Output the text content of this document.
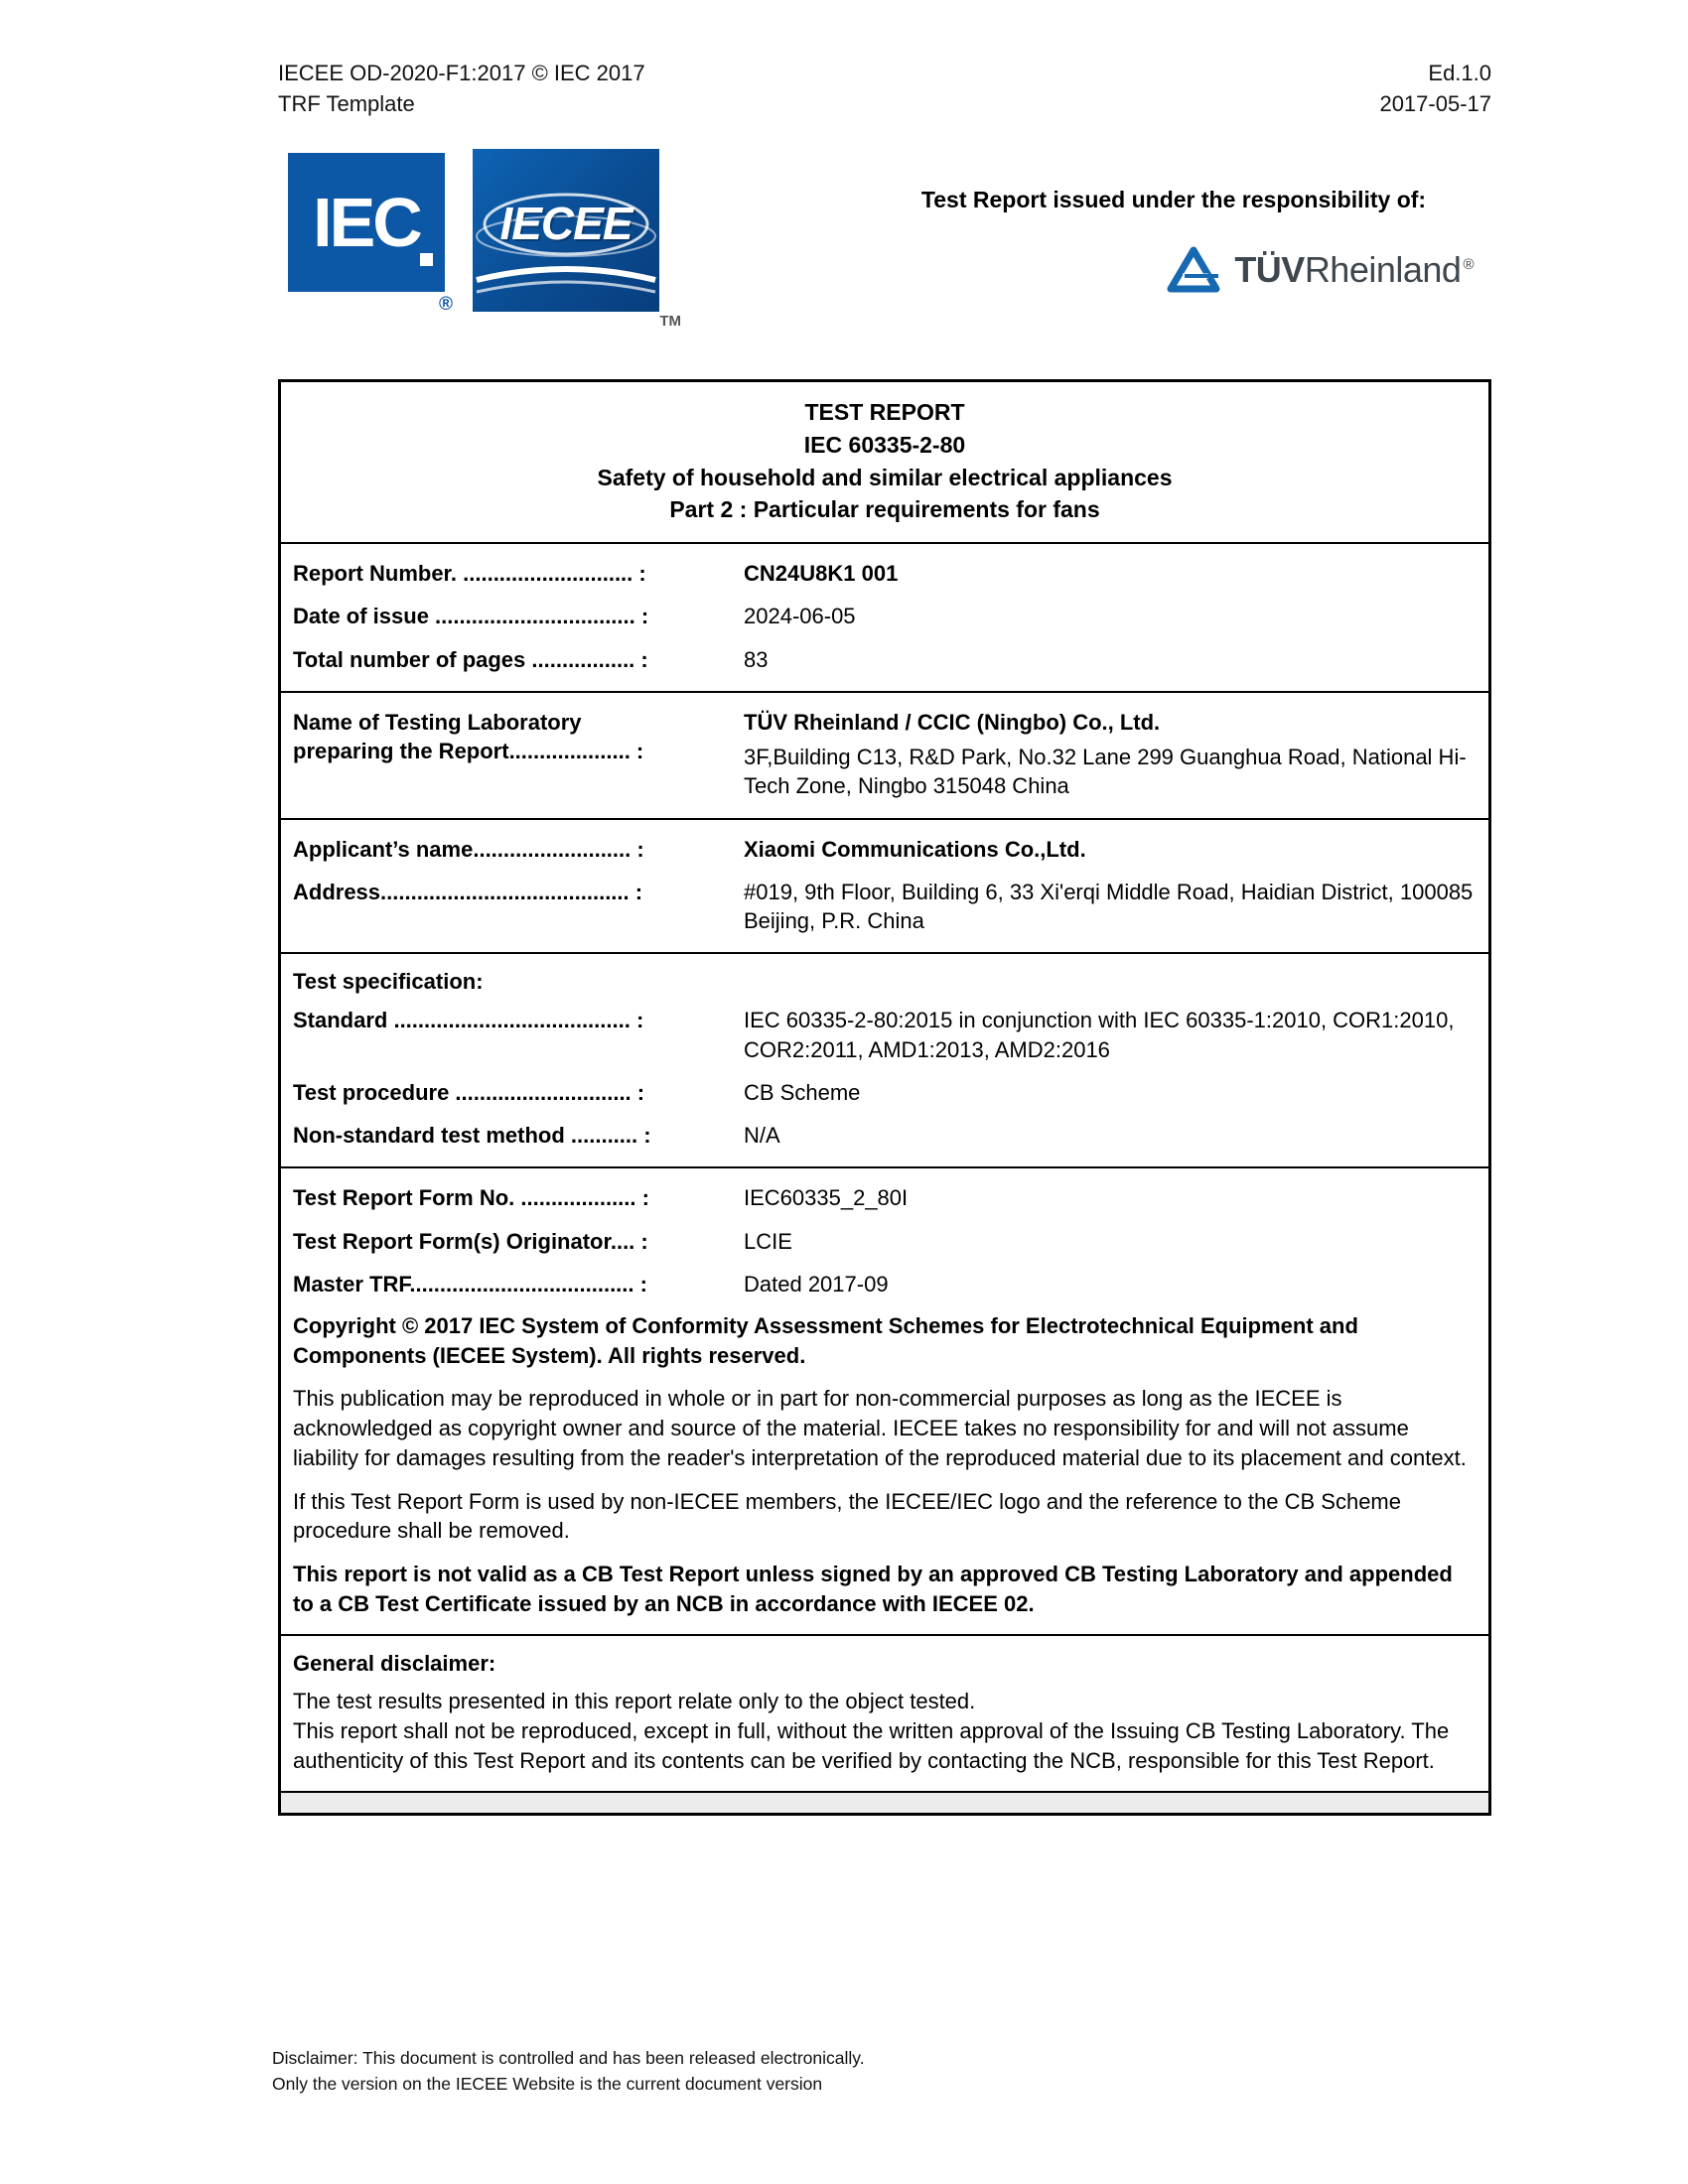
IECEE OD-2020-F1:2017 © IEC 2017
TRF Template
Ed.1.0
2017-05-17
IEC
®
IECEE
TM
Test Report issued under the responsibility of:
TÜVRheinland ®
TEST REPORT
IEC 60335-2-80
Safety of household and similar electrical appliances
Part 2 : Particular requirements for fans
Report Number. ............................ :	CN24U8K1 001
Date of issue ................................. :	2024-06-05
Total number of pages ................. :	83
Name of Testing Laboratory
preparing the Report.................... :
TÜV Rheinland / CCIC (Ningbo) Co., Ltd.
3F,Building C13, R&D Park, No.32 Lane 299 Guanghua Road, National Hi-Tech Zone, Ningbo 315048 China
Applicant’s name.......................... :	Xiaomi Communications Co.,Ltd.
Address......................................... :	#019, 9th Floor, Building 6, 33 Xi'erqi Middle Road, Haidian District, 100085 Beijing, P.R. China
Test specification:
Standard ....................................... :	IEC 60335-2-80:2015 in conjunction with IEC 60335-1:2010, COR1:2010, COR2:2011, AMD1:2013, AMD2:2016
Test procedure ............................. :	CB Scheme
Non-standard test method ........... :	N/A
Test Report Form No. ................... :	IEC60335_2_80I
Test Report Form(s) Originator.... :	LCIE
Master TRF..................................... :	Dated 2017-09
Copyright © 2017 IEC System of Conformity Assessment Schemes for Electrotechnical Equipment and Components (IECEE System). All rights reserved.
This publication may be reproduced in whole or in part for non-commercial purposes as long as the IECEE is acknowledged as copyright owner and source of the material. IECEE takes no responsibility for and will not assume liability for damages resulting from the reader's interpretation of the reproduced material due to its placement and context.
If this Test Report Form is used by non-IECEE members, the IECEE/IEC logo and the reference to the CB Scheme procedure shall be removed.
This report is not valid as a CB Test Report unless signed by an approved CB Testing Laboratory and appended to a CB Test Certificate issued by an NCB in accordance with IECEE 02.
General disclaimer:
The test results presented in this report relate only to the object tested.
This report shall not be reproduced, except in full, without the written approval of the Issuing CB Testing Laboratory. The authenticity of this Test Report and its contents can be verified by contacting the NCB, responsible for this Test Report.
Disclaimer: This document is controlled and has been released electronically.
Only the version on the IECEE Website is the current document version
